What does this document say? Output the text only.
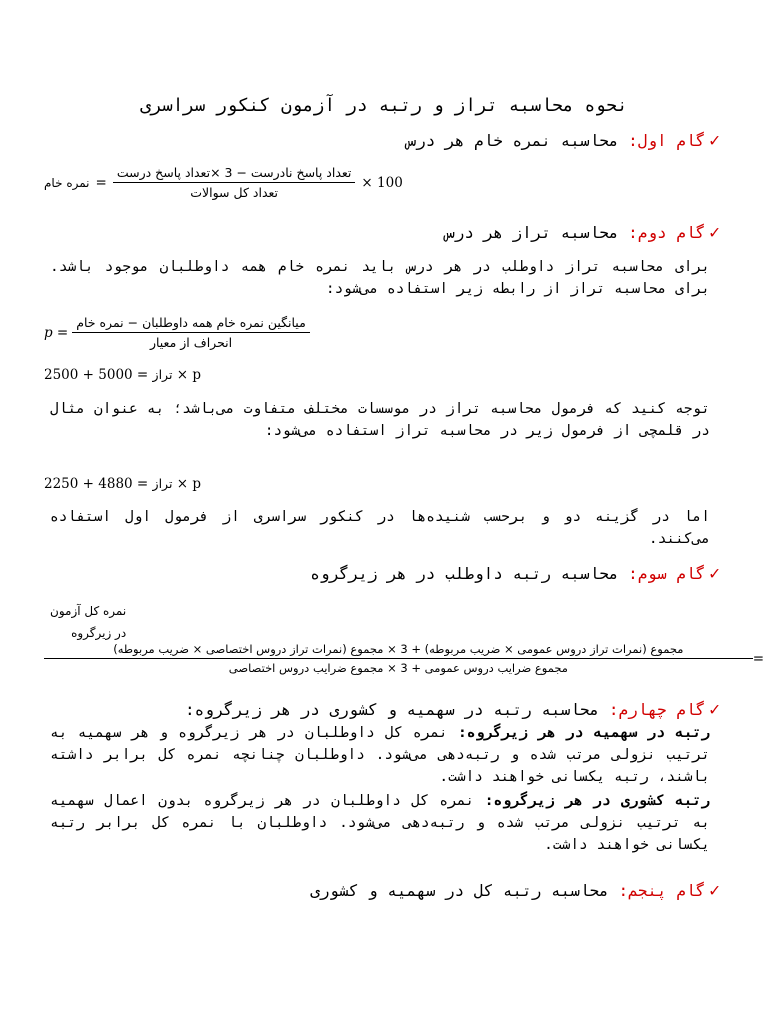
نحوه محاسبه تراز و رتبه در آزمون کنکور سراسری
✓گام اول: محاسبه نمره خام هر درس
نمره خام = $\frac{\text{تعداد پاسخ نادرست − 3 ×تعداد پاسخ درست}}{\text{تعداد کل سوالات}} \times 100$
✓گام دوم: محاسبه تراز هر درس
برای محاسبه تراز داوطلب در هر درس باید نمره خام همه داوطلبان موجود باشد. برای محاسبه تراز از رابطه زیر استفاده می‌شود:
$p = \frac{\text{میانگین نمره خام همه داوطلبان − نمره خام}}{\text{انحراف از معیار}}$
تراز = 5000 + 2500 × p
توجه کنید که فرمول محاسبه تراز در موسسات مختلف متفاوت می‌باشد؛ به عنوان مثال در قلمچی از فرمول زیر در محاسبه تراز استفاده می‌شود:
تراز = 4880 + 2250 × p
اما در گزینه دو و برحسب شنیده‌ها در کنکور سراسری از فرمول اول استفاده می‌کنند.
✓گام سوم: محاسبه رتبه داوطلب در هر زیرگروه
نمره کل آزمون
در زیرگروه
=
مجموع (نمرات تراز دروس عمومی × ضریب مربوطه) + 3 × مجموع (نمرات تراز دروس اختصاصی × ضریب مربوطه)
مجموع ضرایب دروس عمومی + 3 × مجموع ضرایب دروس اختصاصی
✓گام چهارم: محاسبه رتبه در سهمیه و کشوری در هر زیرگروه:
رتبه در سهمیه در هر زیرگروه: نمره کل داوطلبان در هر زیرگروه و هر سهمیه به ترتیب نزولی مرتب شده و رتبه‌دهی می‌شود. داوطلبان چنانچه نمره کل برابر داشته باشند، رتبه یکسانی خواهند داشت.
رتبه کشوری در هر زیرگروه: نمره کل داوطلبان در هر زیرگروه بدون اعمال سهمیه به ترتیب نزولی مرتب شده و رتبه‌دهی می‌شود. داوطلبان با نمره کل برابر رتبه یکسانی خواهند داشت.
✓گام پنجم: محاسبه رتبه کل در سهمیه و کشوری
